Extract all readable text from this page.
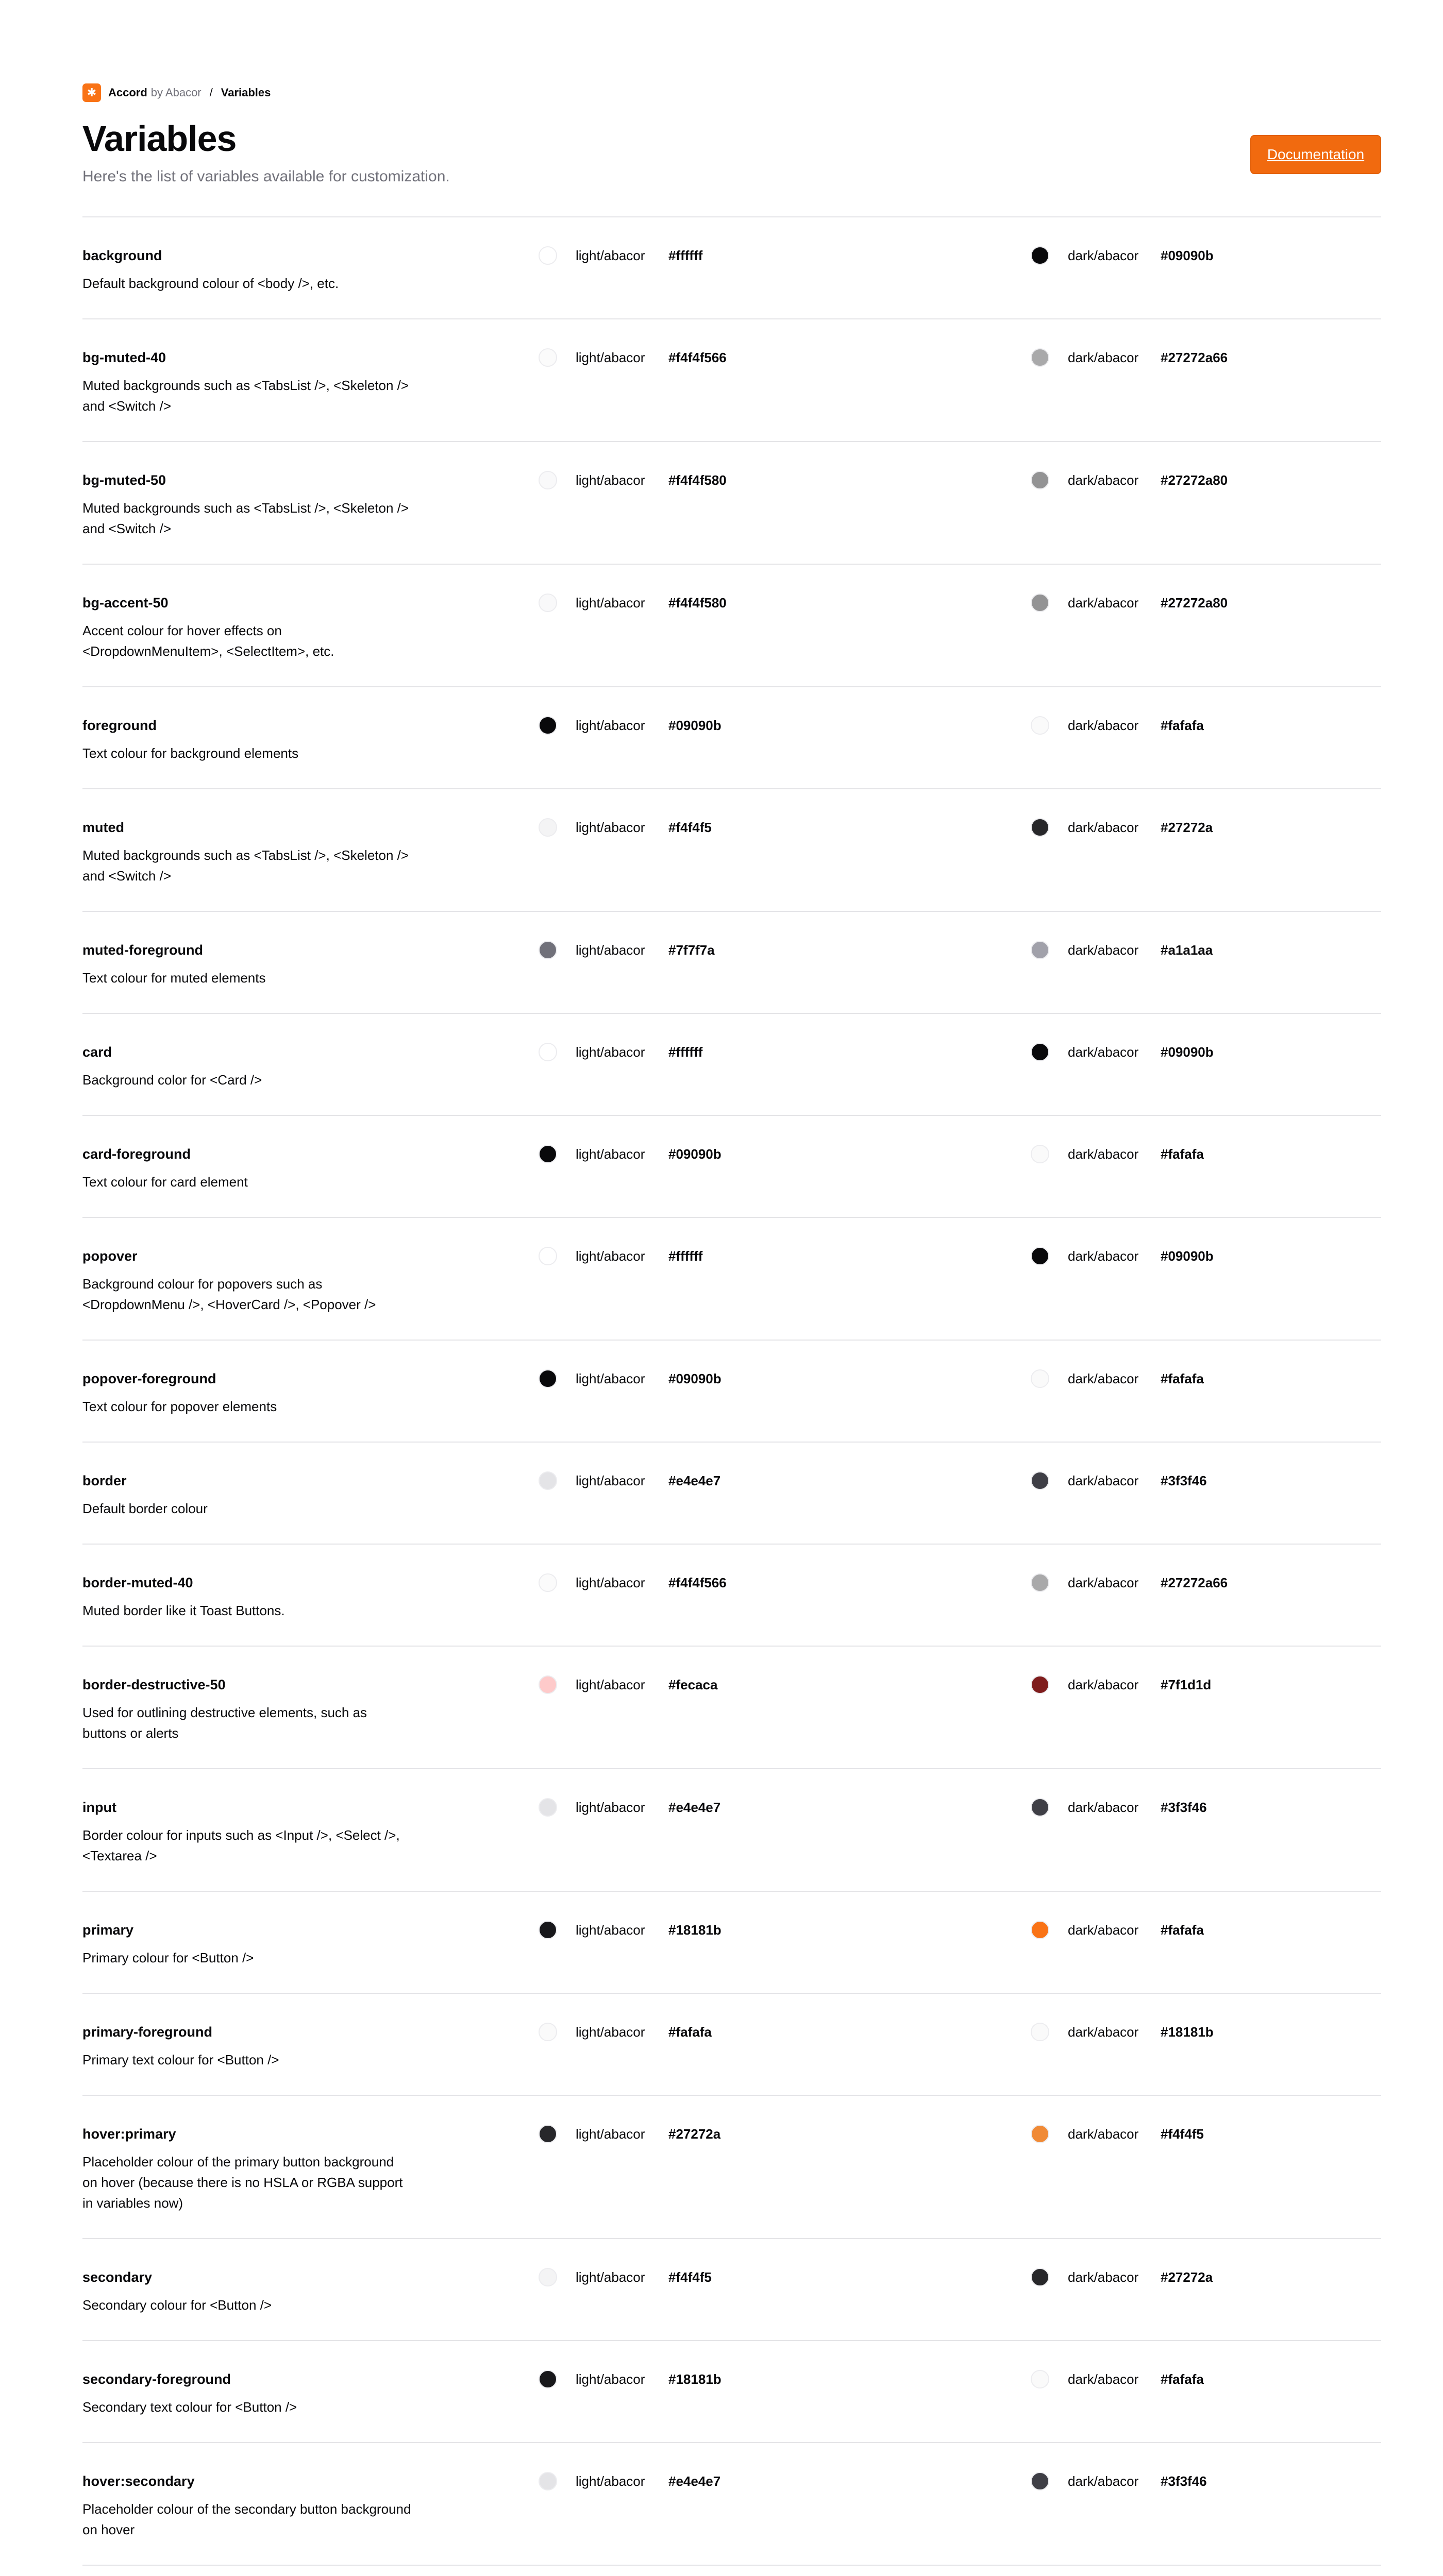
✱	Accord by Abacor / Variables
Variables
Here's the list of variables available for customization.
Documentation
background
Default background colour of <body />, etc.
light/abacor	#ffffff	dark/abacor	#09090b
bg-muted-40
Muted backgrounds such as <TabsList />, <Skeleton /> and <Switch />
light/abacor	#f4f4f566	dark/abacor	#27272a66
bg-muted-50
Muted backgrounds such as <TabsList />, <Skeleton /> and <Switch />
light/abacor	#f4f4f580	dark/abacor	#27272a80
bg-accent-50
Accent colour for hover effects on <DropdownMenuItem>, <SelectItem>, etc.
light/abacor	#f4f4f580	dark/abacor	#27272a80
foreground
Text colour for background elements
light/abacor	#09090b	dark/abacor	#fafafa
muted
Muted backgrounds such as <TabsList />, <Skeleton /> and <Switch />
light/abacor	#f4f4f5	dark/abacor	#27272a
muted-foreground
Text colour for muted elements
light/abacor	#7f7f7a	dark/abacor	#a1a1aa
card
Background color for <Card />
light/abacor	#ffffff	dark/abacor	#09090b
card-foreground
Text colour for card element
light/abacor	#09090b	dark/abacor	#fafafa
popover
Background colour for popovers such as <DropdownMenu />, <HoverCard />, <Popover />
light/abacor	#ffffff	dark/abacor	#09090b
popover-foreground
Text colour for popover elements
light/abacor	#09090b	dark/abacor	#fafafa
border
Default border colour
light/abacor	#e4e4e7	dark/abacor	#3f3f46
border-muted-40
Muted border like it Toast Buttons.
light/abacor	#f4f4f566	dark/abacor	#27272a66
border-destructive-50
Used for outlining destructive elements, such as buttons or alerts
light/abacor	#fecaca	dark/abacor	#7f1d1d
input
Border colour for inputs such as <Input />, <Select />, <Textarea />
light/abacor	#e4e4e7	dark/abacor	#3f3f46
primary
Primary colour for <Button />
light/abacor	#18181b	dark/abacor	#fafafa
primary-foreground
Primary text colour for <Button />
light/abacor	#fafafa	dark/abacor	#18181b
hover:primary
Placeholder colour of the primary button background on hover (because there is no HSLA or RGBA support in variables now)
light/abacor	#27272a	dark/abacor	#f4f4f5
secondary
Secondary colour for <Button />
light/abacor	#f4f4f5	dark/abacor	#27272a
secondary-foreground
Secondary text colour for <Button />
light/abacor	#18181b	dark/abacor	#fafafa
hover:secondary
Placeholder colour of the secondary button background on hover
light/abacor	#e4e4e7	dark/abacor	#3f3f46
